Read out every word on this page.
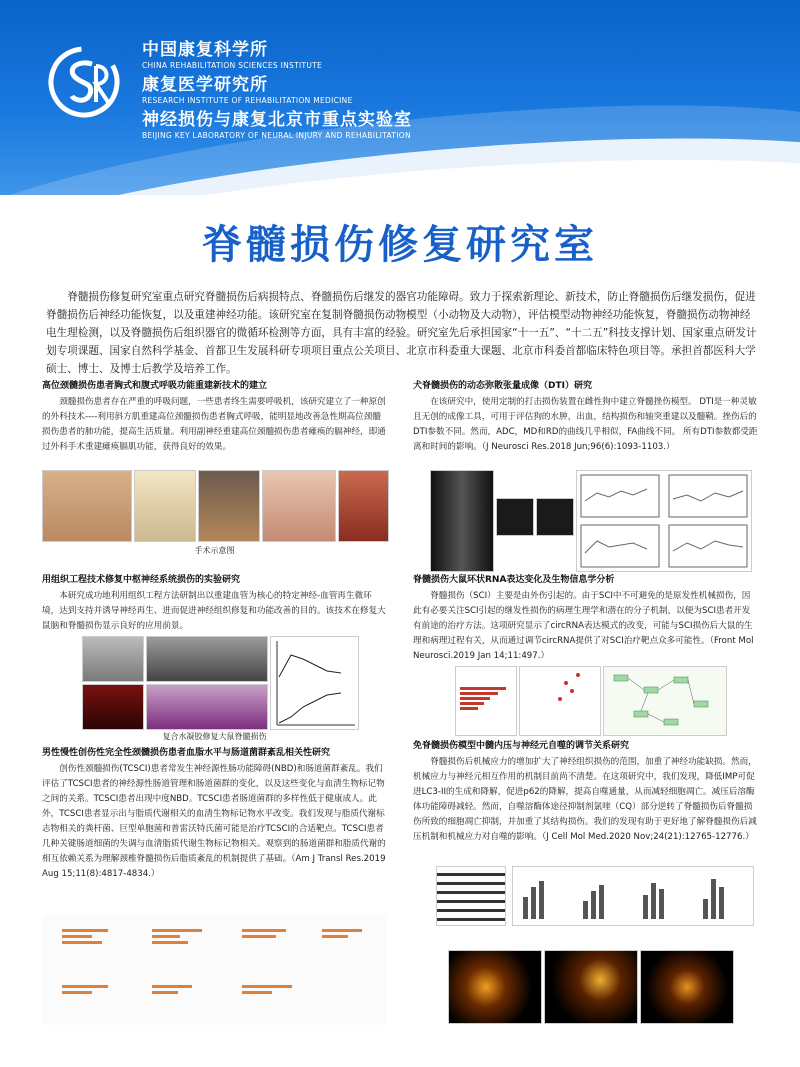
中国康复科学所
CHINA REHABILITATION SCIENCES INSTITUTE
康复医学研究所
RESEARCH INSTITUTE OF REHABILITATION MEDICINE
神经损伤与康复北京市重点实验室
BEIJING KEY LABORATORY OF NEURAL INJURY AND REHABILITATION
脊髓损伤修复研究室
脊髓损伤修复研究室重点研究脊髓损伤后病损特点、脊髓损伤后继发的器官功能障碍。致力于探索新理论、新技术，防止脊髓损伤后继发损伤，促进脊髓损伤后神经功能恢复，以及重建神经功能。该研究室在复制脊髓损伤动物模型（小动物及大动物），评估模型动物神经功能恢复，脊髓损伤动物神经电生理检测，以及脊髓损伤后组织器官的微循环检测等方面，具有丰富的经验。研究室先后承担国家“十一五”、“十二五”科技支撑计划、国家重点研发计划专项课题、国家自然科学基金、首都卫生发展科研专项项目重点公关项目、北京市科委重大课题、北京市科委首都临床特色项目等。承担首都医科大学硕士、博士、及博士后教学及培养工作。
高位颈髓损伤患者胸式和腹式呼吸功能重建新技术的建立
颈髓损伤患者存在严重的呼吸问题，一些患者终生需要呼吸机，该研究建立了一种原创的外科技术----利用斜方肌重建高位颈髓损伤患者胸式呼吸，能明显地改善急性期高位颈髓损伤患者的肺功能，提高生活质量。利用副神经重建高位颈髓损伤患者瘫痪的膈神经，即通过外科手术重建瘫痪膈肌功能，获得良好的效果。
手术示意图
用组织工程技术修复中枢神经系统损伤的实验研究
本研究成功地利用组织工程方法研制出以重建血管为核心的特定神经-血管再生微环境，达到支持并诱导神经再生、进而促进神经组织修复和功能改善的目的。该技术在修复大鼠脑和脊髓损伤显示良好的应用前景。
复合水凝胶修复大鼠脊髓损伤
男性慢性创伤性完全性颈髓损伤患者血脂水平与肠道菌群紊乱相关性研究
创伤性颈髓损伤(TCSCI)患者常发生神经源性肠功能障碍(NBD)和肠道菌群紊乱。我们评估了TCSCI患者的神经源性肠道管理和肠道菌群的变化，以及这些变化与血清生物标记物之间的关系。TCSCI患者出现中度NBD。TCSCI患者肠道菌群的多样性低于健康成人。此外，TCSCI患者显示出与脂质代谢相关的血清生物标记物水平改变。我们发现与脂质代谢标志物相关的粪杆菌、巨型单胞菌和普雷沃特氏菌可能是治疗TCSCI的合适靶点。TCSCI患者几种关键肠道细菌的失调与血清脂质代谢生物标记物相关。观察到的肠道菌群和脂质代谢的相互依赖关系为理解颈椎脊髓损伤后脂质紊乱的机制提供了基础。（Am J Transl Res.2019 Aug 15;11(8):4817-4834.）
犬脊髓损伤的动态弥散张量成像（DTI）研究
在该研究中，使用定制的打击损伤装置在雌性狗中建立脊髓挫伤模型。 DTI是一种灵敏且无创的成像工具，可用于评估狗的水肿，出血，结构损伤和轴突重建以及髓鞘。挫伤后的DTI参数不同。然而，ADC，MD和RD的曲线几乎相似，FA曲线不同。 所有DTI参数都受距离和时间的影响。（J Neurosci Res.2018 Jun;96(6):1093-1103.）
脊髓损伤大鼠环状RNA表达变化及生物信息学分析
脊髓损伤（SCI）主要是由外伤引起的。由于SCI中不可避免的是原发性机械损伤，因此有必要关注SCI引起的继发性损伤的病理生理学和潜在的分子机制，以便为SCI患者开发有前途的治疗方法。这项研究显示了circRNA表达模式的改变，可能与SCI损伤后大鼠的生理和病理过程有关，从而通过调节circRNA提供了对SCI治疗靶点众多可能性。（Front Mol Neurosci.2019 Jan 14;11:497.）
免脊髓损伤模型中髓内压与神经元自噬的调节关系研究
脊髓损伤后机械应力的增加扩大了神经组织损伤的范围，加重了神经功能缺损。然而，机械应力与神经元相互作用的机制目前尚不清楚。在这项研究中，我们发现，降低IMP可促进LC3-II的生成和降解，促进p62的降解，提高自噬通量，从而减轻细胞凋亡。减压后溶酶体功能障碍减轻。然而，自噬溶酶体途径抑制剂氯喹（CQ）部分逆转了脊髓损伤后脊髓损伤所致的细胞凋亡抑制，并加重了其结构损伤。我们的发现有助于更好地了解脊髓损伤后减压机制和机械应力对自噬的影响。（J Cell Mol Med.2020 Nov;24(21):12765-12776.）
